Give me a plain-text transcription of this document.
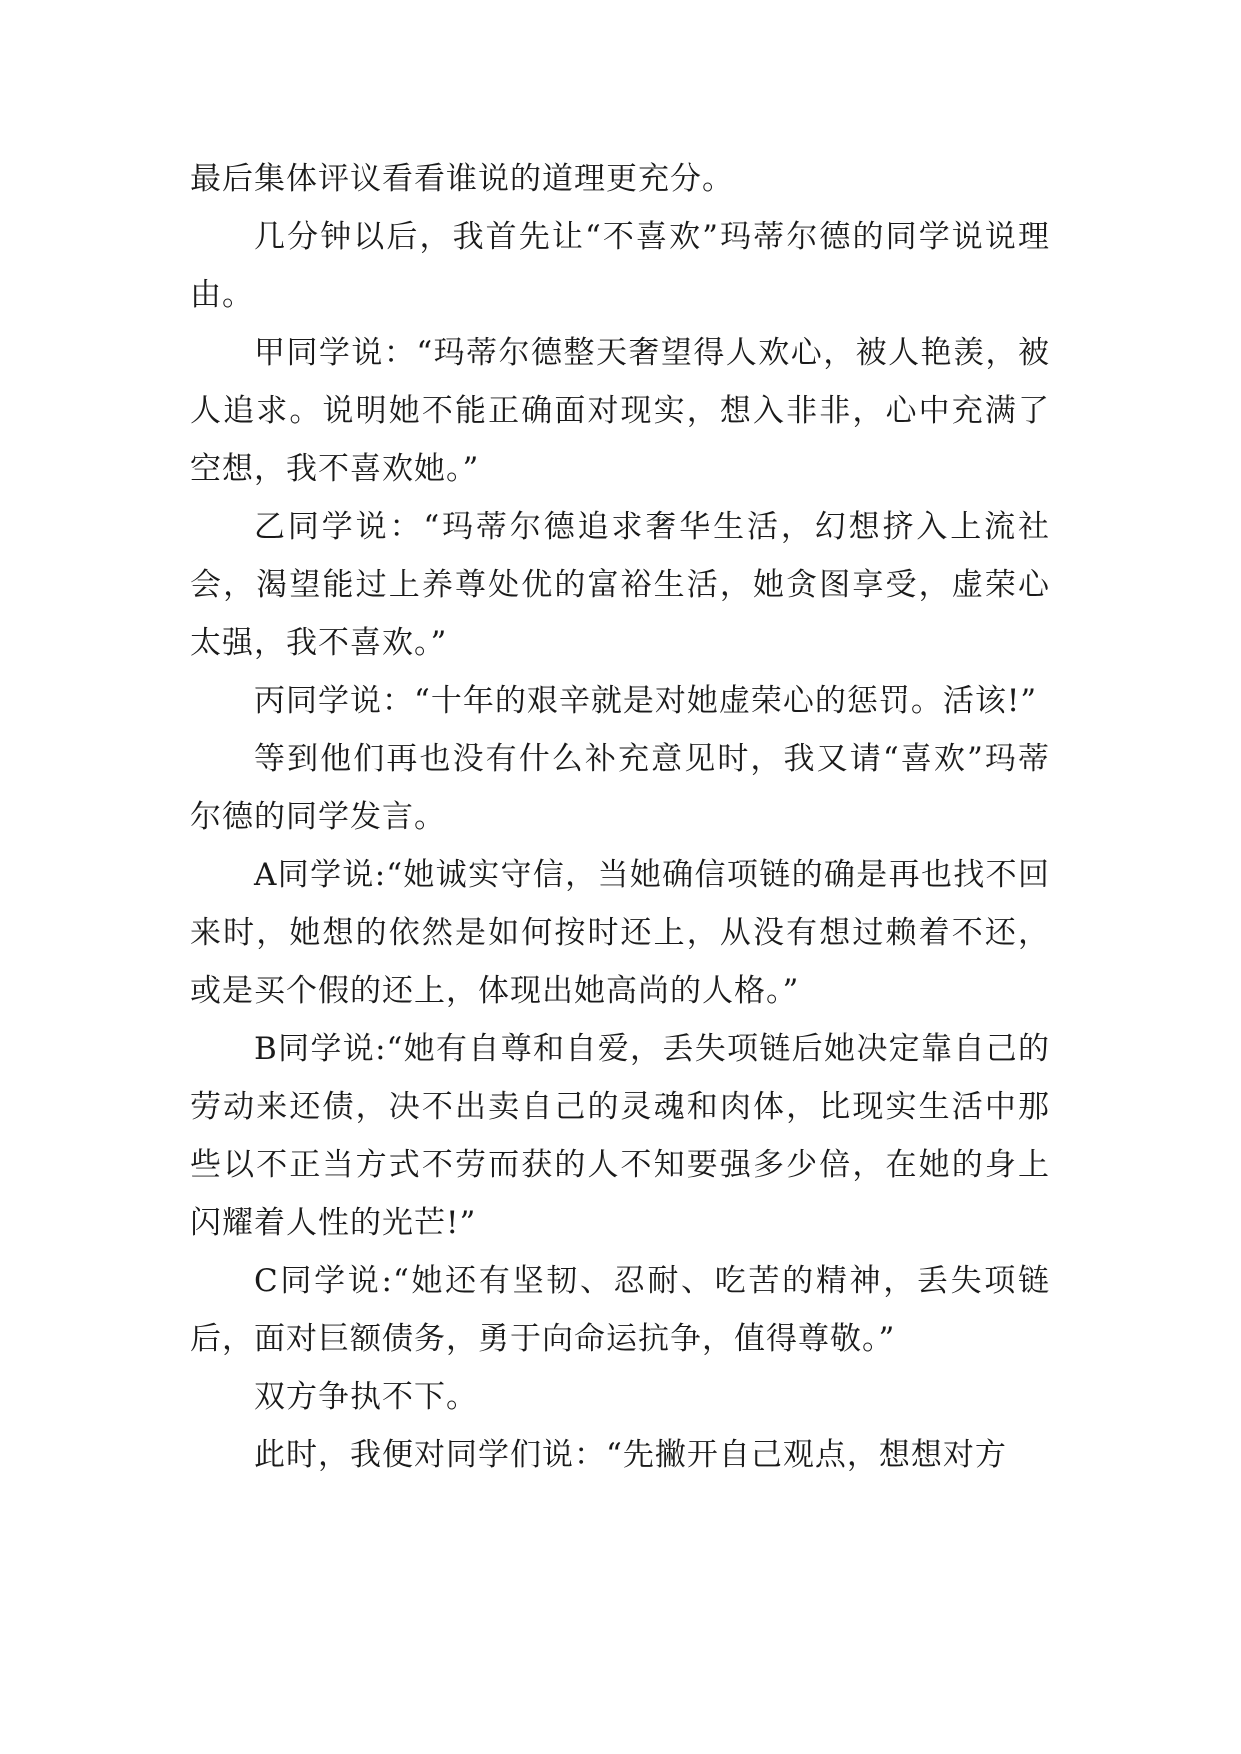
最后集体评议看看谁说的道理更充分。

几分钟以后，我首先让“不喜欢”玛蒂尔德的同学说说理由。

甲同学说：“玛蒂尔德整天奢望得人欢心，被人艳羡，被人追求。说明她不能正确面对现实，想入非非，心中充满了空想，我不喜欢她。”

乙同学说：“玛蒂尔德追求奢华生活，幻想挤入上流社会，渴望能过上养尊处优的富裕生活，她贪图享受，虚荣心太强，我不喜欢。”

丙同学说：“十年的艰辛就是对她虚荣心的惩罚。活该!”

等到他们再也没有什么补充意见时，我又请“喜欢”玛蒂尔德的同学发言。

A同学说:“她诚实守信，当她确信项链的确是再也找不回来时，她想的依然是如何按时还上，从没有想过赖着不还，或是买个假的还上，体现出她高尚的人格。”

B同学说:“她有自尊和自爱，丢失项链后她决定靠自己的劳动来还债，决不出卖自己的灵魂和肉体，比现实生活中那些以不正当方式不劳而获的人不知要强多少倍，在她的身上闪耀着人性的光芒!”

C同学说:“她还有坚韧、忍耐、吃苦的精神，丢失项链后，面对巨额债务，勇于向命运抗争，值得尊敬。”

双方争执不下。

此时，我便对同学们说：“先撇开自己观点，想想对方
